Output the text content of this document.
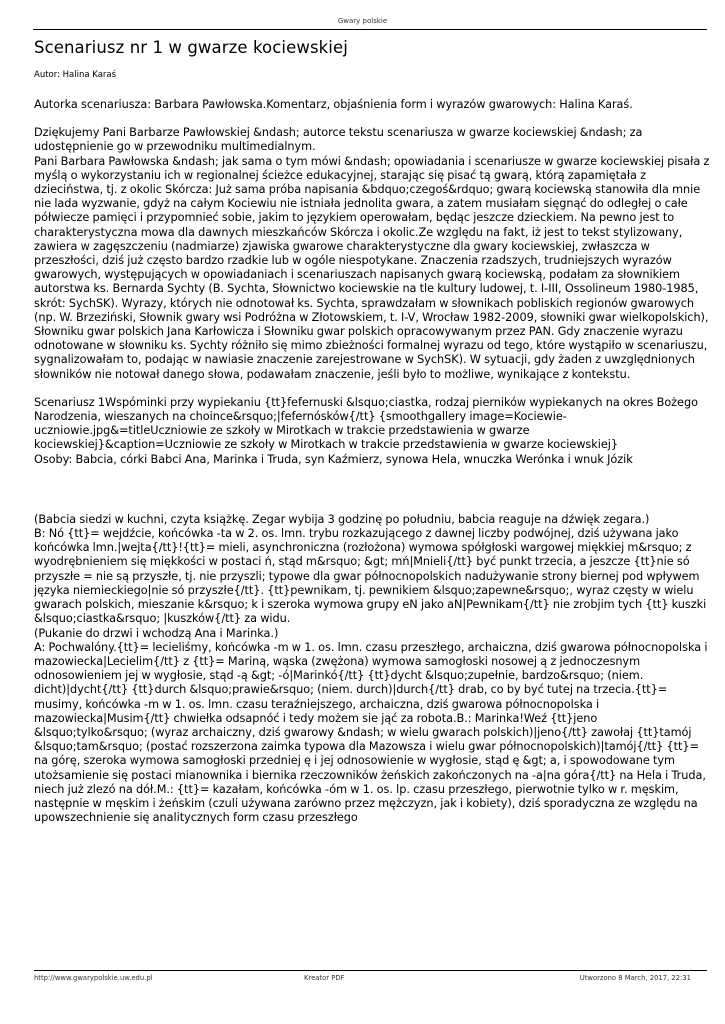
Gwary polskie
Scenariusz nr 1 w gwarze kociewskiej
Autor: Halina Karaś

Autorka scenariusza: Barbara Pawłowska.Komentarz, objaśnienia form i wyrazów gwarowych: Halina Karaś.

Dziękujemy Pani Barbarze Pawłowskiej &ndash; autorce tekstu scenariusza w gwarze kociewskiej &ndash; za udostępnienie go w przewodniku multimedialnym.

Pani Barbara Pawłowska &ndash; jak sama o tym mówi &ndash; opowiadania i scenariusze w gwarze kociewskiej pisała z myślą o wykorzystaniu ich w regionalnej ścieżce edukacyjnej, starając się pisać tą gwarą, którą zapamiętała z dzieciństwa, tj. z okolic Skórcza: Już sama próba napisania &bdquo;czegoś&rdquo; gwarą kociewską stanowiła dla mnie nie lada wyzwanie, gdyż na całym Kociewiu nie istniała jednolita gwara, a zatem musiałam sięgnąć do odległej o całe półwiecze pamięci i przypomnieć sobie, jakim to językiem operowałam, będąc jeszcze dzieckiem. Na pewno jest to charakterystyczna mowa dla dawnych mieszkańców Skórcza i okolic.Ze względu na fakt, iż jest to tekst stylizowany, zawiera w zagęszczeniu (nadmiarze) zjawiska gwarowe charakterystyczne dla gwary kociewskiej, zwłaszcza w przeszłości, dziś już często bardzo rzadkie lub w ogóle niespotykane. Znaczenia rzadszych, trudniejszych wyrazów gwarowych, występujących w opowiadaniach i scenariuszach napisanych gwarą kociewską, podałam za słownikiem autorstwa ks. Bernarda Sychty (B. Sychta, Słownictwo kociewskie na tle kultury ludowej, t. I-III, Ossolineum 1980-1985, skrót: SychSK). Wyrazy, których nie odnotował ks. Sychta, sprawdzałam w słownikach pobliskich regionów gwarowych (np. W. Brzeziński, Słownik gwary wsi Podróżna w Złotowskiem, t. I-V, Wrocław 1982-2009, słowniki gwar wielkopolskich), Słowniku gwar polskich Jana Karłowicza i Słowniku gwar polskich opracowywanym przez PAN. Gdy znaczenie wyrazu odnotowane w słowniku ks. Sychty różniło się mimo zbieżności formalnej wyrazu od tego, które wystąpiło w scenariuszu, sygnalizowałam to, podając w nawiasie znaczenie zarejestrowane w SychSK). W sytuacji, gdy żaden z uwzględnionych słowników nie notował danego słowa, podawałam znaczenie, jeśli było to możliwe, wynikające z kontekstu.

Scenariusz 1Wspóminki przy wypiekaniu {tt}fefernuski &lsquo;ciastka, rodzaj pierników wypiekanych na okres Bożego Narodzenia, wieszanych na choince&rsquo;|fefernósków{/tt} {smoothgallery image=Kociewie-uczniowie.jpg&=titleUczniowie ze szkoły w Mirotkach w trakcie przedstawienia w gwarze kociewskiej}&caption=Uczniowie ze szkoły w Mirotkach w trakcie przedstawienia w gwarze kociewskiej}

Osoby: Babcia, córki Babci Ana, Marinka i Truda, syn Kaźmierz, synowa Hela, wnuczka Werónka i wnuk Józik

(Babcia siedzi w kuchni, czyta książkę. Zegar wybija 3 godzinę po południu, babcia reaguje na dźwięk zegara.)

B: Nó {tt}= wejdźcie, końcówka -ta w 2. os. lmn. trybu rozkazującego z dawnej liczby podwójnej, dziś używana jako końcówka lmn.|wejta{/tt}!{tt}= mieli, asynchroniczna (rozłożona) wymowa spółgłoski wargowej miękkiej m&rsquo; z wyodrębnieniem się miękkości w postaci ń, stąd m&rsquo; &gt; mń|Mnieli{/tt} być punkt trzecia, a jeszcze {tt}nie só przyszłe = nie są przyszłe, tj. nie przyszli; typowe dla gwar północnopolskich nadużywanie strony biernej pod wpływem języka niemieckiego|nie só przyszłe{/tt}. {tt}pewnikam, tj. pewnikiem &lsquo;zapewne&rsquo;, wyraz częsty w wielu gwarach polskich, mieszanie k&rsquo; k i szeroka wymowa grupy eN jako aN|Pewnikam{/tt} nie zrobjim tych {tt} kuszki &lsquo;ciastka&rsquo; |kuszków{/tt} za widu.

(Pukanie do drzwi i wchodzą Ana i Marinka.)

A: Pochwalóny.{tt}= lecieliśmy, końcówka -m w 1. os. lmn. czasu przeszłego, archaiczna, dziś gwarowa północnopolska i mazowiecka|Lecielim{/tt} z {tt}= Mariną, wąska (zwężona) wymowa samogłoski nosowej ą z jednoczesnym odnosowieniem jej w wygłosie, stąd -ą &gt; -ó|Marinkó{/tt} {tt}dycht &lsquo;zupełnie, bardzo&rsquo; (niem. dicht)|dycht{/tt} {tt}durch &lsquo;prawie&rsquo; (niem. durch)|durch{/tt} drab, co by być tutej na trzecia.{tt}= musimy, końcówka -m w 1. os. lmn. czasu teraźniejszego, archaiczna, dziś gwarowa północnopolska i mazowiecka|Musim{/tt} chwiełka odsapnóć i tedy możem sie jąć za robota.B.: Marinka!Weź {tt}jeno &lsquo;tylko&rsquo; (wyraz archaiczny, dziś gwarowy &ndash; w wielu gwarach polskich)|jeno{/tt} zawołaj {tt}tamój &lsquo;tam&rsquo; (postać rozszerzona zaimka typowa dla Mazowsza i wielu gwar północnopolskich)|tamój{/tt} {tt}= na górę, szeroka wymowa samogłoski przedniej ę i jej odnosowienie w wygłosie, stąd ę &gt; a, i spowodowane tym utożsamienie się postaci mianownika i biernika rzeczowników żeńskich zakończonych na -a|na góra{/tt} na Hela i Truda, niech już zlezó na dół.M.: {tt}= kazałam, końcówka -óm w 1. os. lp. czasu przeszłego, pierwotnie tylko w r. męskim, następnie w męskim i żeńskim (czuli używana zarówno przez mężczyzn, jak i kobiety), dziś sporadyczna ze względu na upowszechnienie się analitycznych form czasu przeszłego

http://www.gwarypolskie.uw.edu.pl	Kreator PDF	Utworzono 8 March, 2017, 22:31
